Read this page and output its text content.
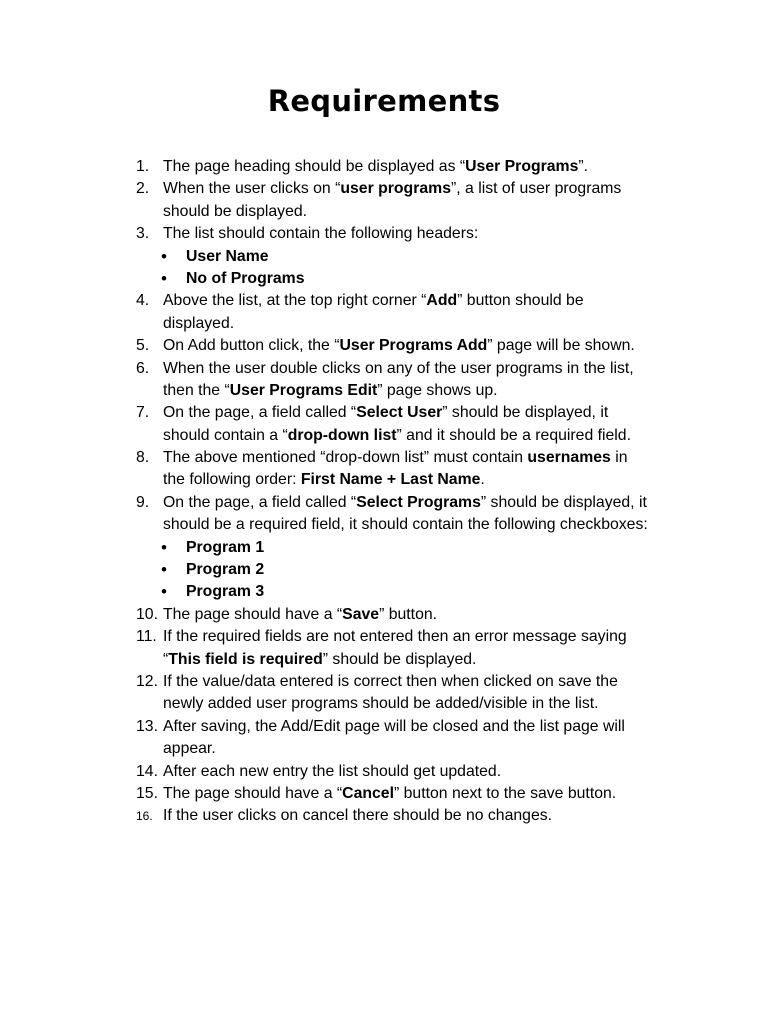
Requirements
1. The page heading should be displayed as “User Programs”.
2. When the user clicks on “user programs”, a list of user programs
should be displayed.
3. The list should contain the following headers:
• User Name
• No of Programs
4. Above the list, at the top right corner “Add” button should be
displayed.
5. On Add button click, the “User Programs Add” page will be shown.
6. When the user double clicks on any of the user programs in the list,
then the “User Programs Edit” page shows up.
7. On the page, a field called “Select User” should be displayed, it
should contain a “drop-down list” and it should be a required field.
8. The above mentioned “drop-down list” must contain usernames in
the following order: First Name + Last Name.
9. On the page, a field called “Select Programs” should be displayed, it
should be a required field, it should contain the following checkboxes:
• Program 1
• Program 2
• Program 3
10. The page should have a “Save” button.
11. If the required fields are not entered then an error message saying
“This field is required” should be displayed.
12. If the value/data entered is correct then when clicked on save the
newly added user programs should be added/visible in the list.
13. After saving, the Add/Edit page will be closed and the list page will
appear.
14. After each new entry the list should get updated.
15. The page should have a “Cancel” button next to the save button.
16. If the user clicks on cancel there should be no changes.
